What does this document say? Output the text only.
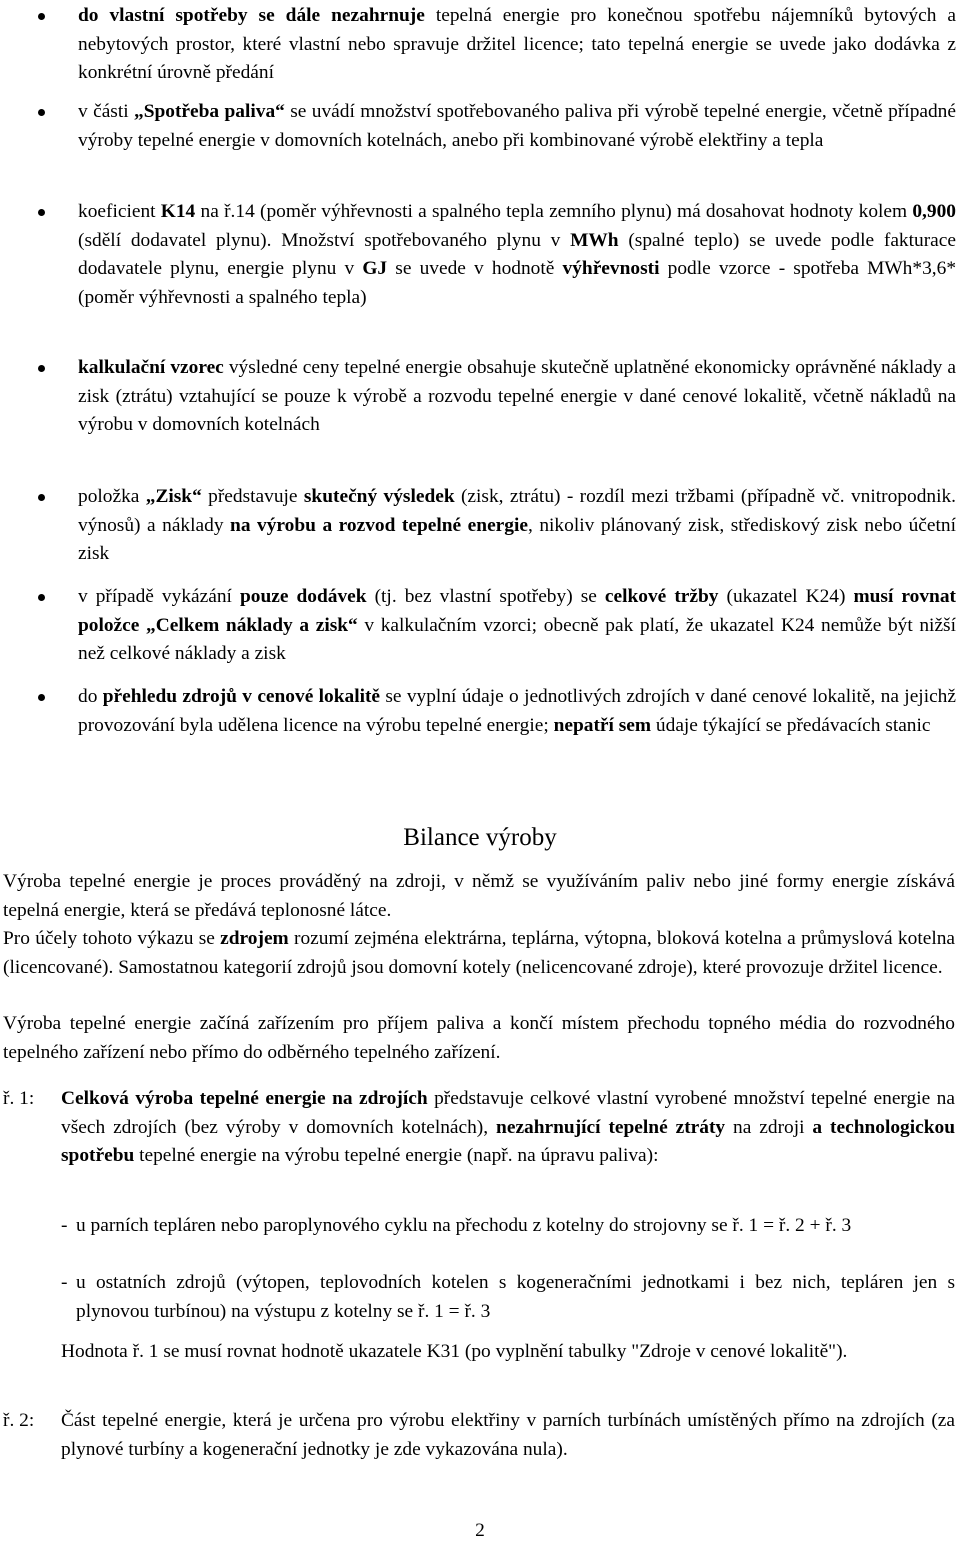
do vlastní spotřeby se dále nezahrnuje tepelná energie pro konečnou spotřebu nájemníků bytových a nebytových prostor, které vlastní nebo spravuje držitel licence; tato tepelná energie se uvede jako dodávka z konkrétní úrovně předání
v části „Spotřeba paliva“ se uvádí množství spotřebovaného paliva při výrobě tepelné energie, včetně případné výroby tepelné energie v domovních kotelnách, anebo při kombinované výrobě elektřiny a tepla
koeficient K14 na ř.14 (poměr výhřevnosti a spalného tepla zemního plynu) má dosahovat hodnoty kolem 0,900 (sdělí dodavatel plynu). Množství spotřebovaného plynu v MWh (spalné teplo) se uvede podle fakturace dodavatele plynu, energie plynu v GJ se uvede v hodnotě výhřevnosti podle vzorce - spotřeba MWh*3,6*(poměr výhřevnosti a spalného tepla)
kalkulační vzorec výsledné ceny tepelné energie obsahuje skutečně uplatněné ekonomicky oprávněné náklady a zisk (ztrátu) vztahující se pouze k výrobě a rozvodu tepelné energie v dané cenové lokalitě, včetně nákladů na výrobu v domovních kotelnách
položka „Zisk“ představuje skutečný výsledek (zisk, ztrátu) - rozdíl mezi tržbami (případně vč. vnitropodnik. výnosů) a náklady na výrobu a rozvod tepelné energie, nikoliv plánovaný zisk, střediskový zisk nebo účetní zisk
v případě vykázání pouze dodávek (tj. bez vlastní spotřeby) se celkové tržby (ukazatel K24) musí rovnat položce „Celkem náklady a zisk“ v kalkulačním vzorci; obecně pak platí, že ukazatel K24 nemůže být nižší než celkové náklady a zisk
do přehledu zdrojů v cenové lokalitě se vyplní údaje o jednotlivých zdrojích v dané cenové lokalitě, na jejichž provozování byla udělena licence na výrobu tepelné energie; nepatří sem údaje týkající se předávacích stanic
Bilance výroby
Výroba tepelné energie je proces prováděný na zdroji, v němž se využíváním paliv nebo jiné formy energie získává tepelná energie, která se předává teplonosné látce.
Pro účely tohoto výkazu se zdrojem rozumí zejména elektrárna, teplárna, výtopna, bloková kotelna a průmyslová kotelna (licencované). Samostatnou kategorií zdrojů jsou domovní kotely (nelicencované zdroje), které provozuje držitel licence.
Výroba tepelné energie začíná zařízením pro příjem paliva a končí místem přechodu topného média do rozvodného tepelného zařízení nebo přímo do odběrného tepelného zařízení.
ř. 1: Celková výroba tepelné energie na zdrojích představuje celkové vlastní vyrobené množství tepelné energie na všech zdrojích (bez výroby v domovních kotelnách), nezahrnující tepelné ztráty na zdroji a technologickou spotřebu tepelné energie na výrobu tepelné energie (např. na úpravu paliva):
- u parních tepláren nebo paroplynového cyklu na přechodu z kotelny do strojovny se ř. 1 = ř. 2 + ř. 3
- u ostatních zdrojů (výtopen, teplovodních kotelen s kogeneračními jednotkami i bez nich, tepláren jen s plynovou turbínou) na výstupu z kotelny se ř. 1 = ř. 3
Hodnota ř. 1 se musí rovnat hodnotě ukazatele K31 (po vyplnění tabulky "Zdroje v cenové lokalitě").
ř. 2: Část tepelné energie, která je určena pro výrobu elektřiny v parních turbínách umístěných přímo na zdrojích (za plynové turbíny a kogenerační jednotky je zde vykazována nula).
2
